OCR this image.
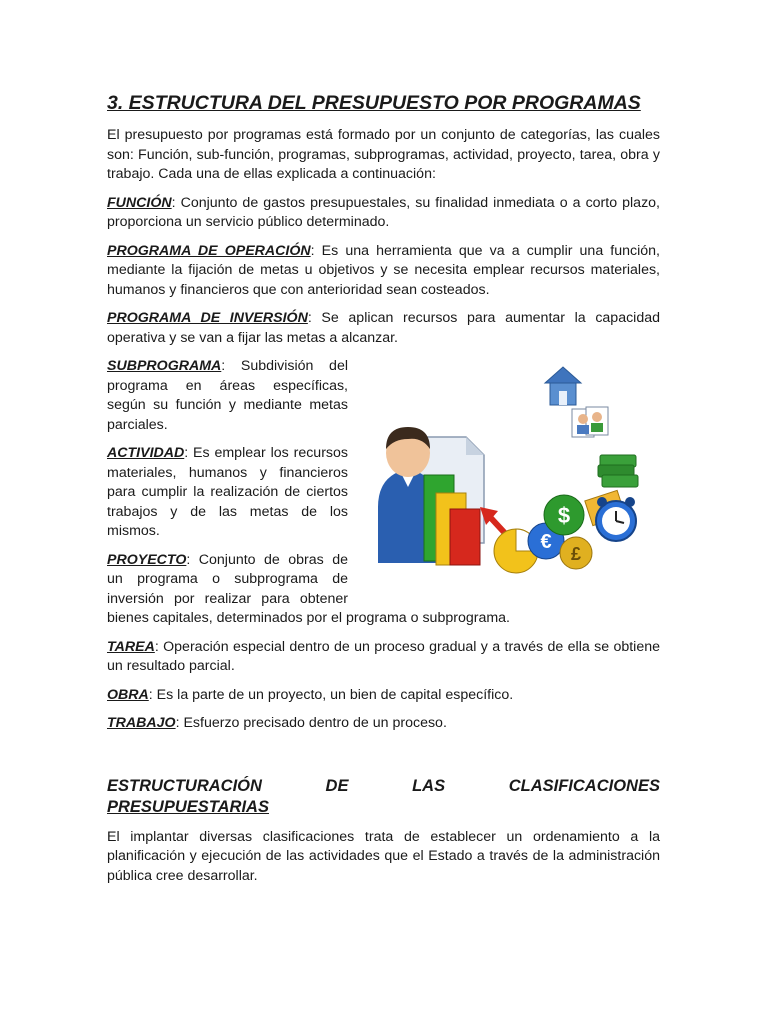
3. ESTRUCTURA DEL PRESUPUESTO POR PROGRAMAS

El presupuesto por programas está formado por un conjunto de categorías, las cuales son: Función, sub-función, programas, subprogramas, actividad, proyecto, tarea, obra y trabajo. Cada una de ellas explicada a continuación:

FUNCIÓN: Conjunto de gastos presupuestales, su finalidad inmediata o a corto plazo, proporciona un servicio público determinado.

PROGRAMA DE OPERACIÓN: Es una herramienta que va a cumplir una función, mediante la fijación de metas u objetivos y se necesita emplear recursos materiales, humanos y financieros que con anterioridad sean costeados.

PROGRAMA DE INVERSIÓN: Se aplican recursos para aumentar la capacidad operativa y se van a fijar las metas a alcanzar.

€
£
$

SUBPROGRAMA: Subdivisión del programa en áreas específicas, según su función y mediante metas parciales.

ACTIVIDAD: Es emplear los recursos materiales, humanos y financieros para cumplir la realización de ciertos trabajos y de las metas de los mismos.

PROYECTO: Conjunto de obras de un programa o subprograma de inversión por realizar para obtener bienes capitales, determinados por el programa o subprograma.

TAREA: Operación especial dentro de un proceso gradual y a través de ella se obtiene un resultado parcial.

OBRA: Es la parte de un proyecto, un bien de capital específico.

TRABAJO: Esfuerzo precisado dentro de un proceso.

ESTRUCTURACIÓN	DE	LAS	CLASIFICACIONES
PRESUPUESTARIAS

El implantar diversas clasificaciones trata de establecer un ordenamiento a la planificación y ejecución de las actividades que el Estado a través de la administración pública cree desarrollar.
